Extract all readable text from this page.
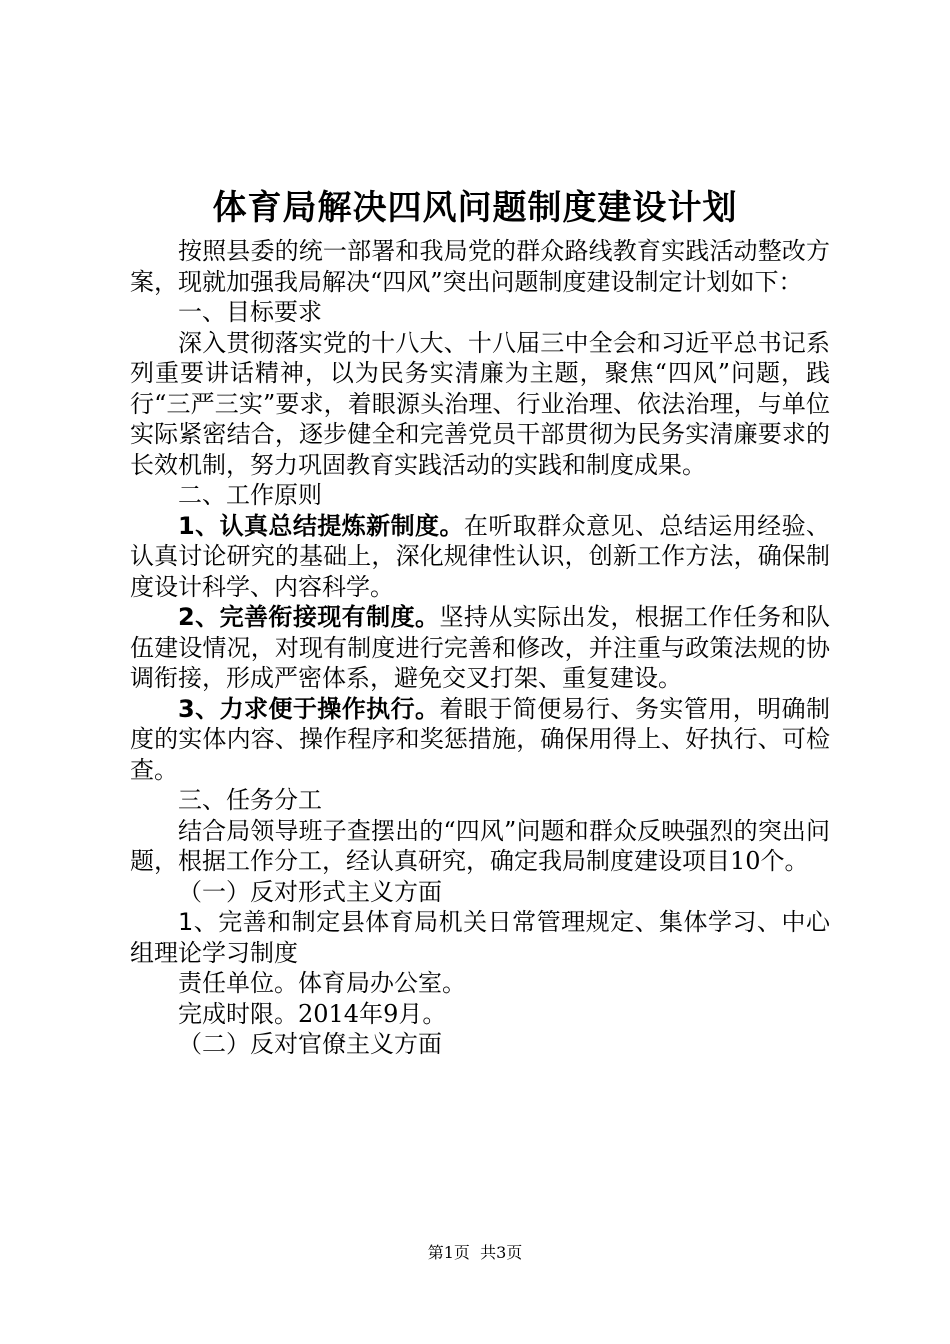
体育局解决四风问题制度建设计划

按照县委的统一部署和我局党的群众路线教育实践活动整改方案，现就加强我局解决“四风”突出问题制度建设制定计划如下：

一、目标要求

深入贯彻落实党的十八大、十八届三中全会和习近平总书记系列重要讲话精神，以为民务实清廉为主题，聚焦“四风”问题，践行“三严三实”要求，着眼源头治理、行业治理、依法治理，与单位实际紧密结合，逐步健全和完善党员干部贯彻为民务实清廉要求的长效机制，努力巩固教育实践活动的实践和制度成果。

二、工作原则

1、认真总结提炼新制度。在听取群众意见、总结运用经验、认真讨论研究的基础上，深化规律性认识，创新工作方法，确保制度设计科学、内容科学。

2、完善衔接现有制度。坚持从实际出发，根据工作任务和队伍建设情况，对现有制度进行完善和修改，并注重与政策法规的协调衔接，形成严密体系，避免交叉打架、重复建设。

3、力求便于操作执行。着眼于简便易行、务实管用，明确制度的实体内容、操作程序和奖惩措施，确保用得上、好执行、可检查。

三、任务分工

结合局领导班子查摆出的“四风”问题和群众反映强烈的突出问题，根据工作分工，经认真研究，确定我局制度建设项目10个。

（一）反对形式主义方面

1、完善和制定县体育局机关日常管理规定、集体学习、中心组理论学习制度

责任单位。体育局办公室。

完成时限。2014年9月。

（二）反对官僚主义方面

第1页 共3页
